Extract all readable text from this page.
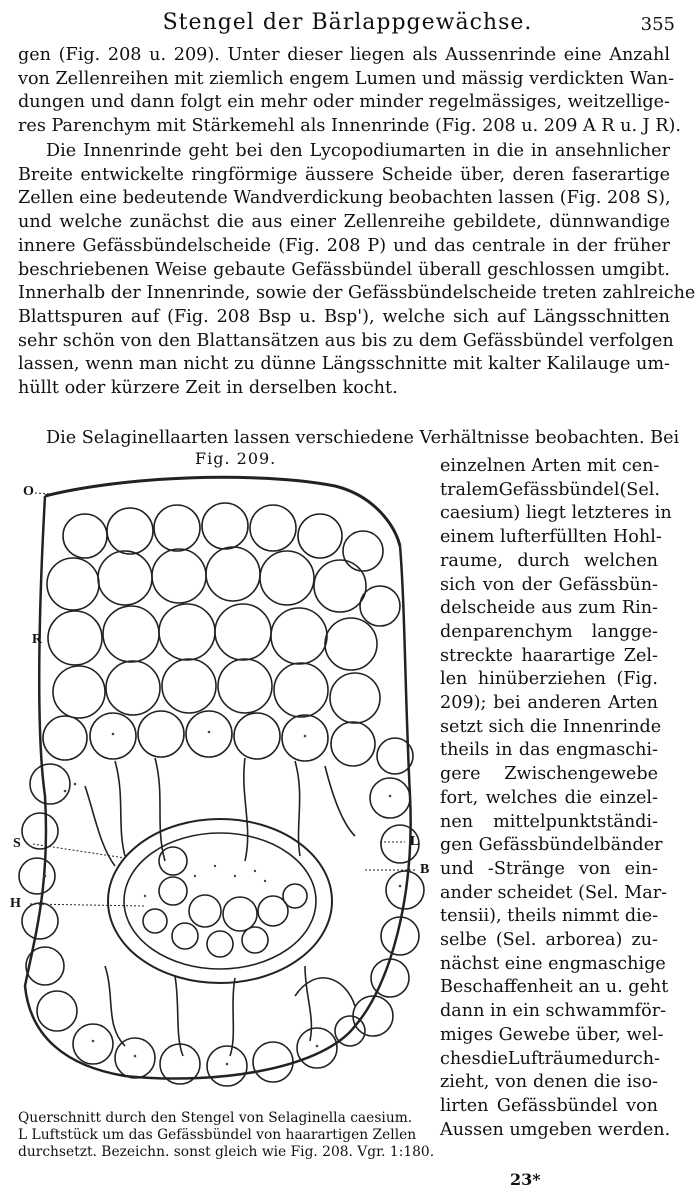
Stengel der Bärlappgewächse.	355
gen (Fig. 208 u. 209). Unter dieser liegen als Aussenrinde eine Anzahl
von Zellenreihen mit ziemlich engem Lumen und mässig verdickten Wan-
dungen und dann folgt ein mehr oder minder regelmässiges, weitzellige-
res Parenchym mit Stärkemehl als Innenrinde (Fig. 208 u. 209 A R u. J R).
Die Innenrinde geht bei den Lycopodiumarten in die in ansehnlicher
Breite entwickelte ringförmige äussere Scheide über, deren faserartige
Zellen eine bedeutende Wandverdickung beobachten lassen (Fig. 208 S),
und welche zunächst die aus einer Zellenreihe gebildete, dünnwandige
innere Gefässbündelscheide (Fig. 208 P) und das centrale in der früher
beschriebenen Weise gebaute Gefässbündel überall geschlossen umgibt.
Innerhalb der Innenrinde, sowie der Gefässbündelscheide treten zahlreiche
Blattspuren auf (Fig. 208 Bsp u. Bsp'), welche sich auf Längsschnitten
sehr schön von den Blattansätzen aus bis zu dem Gefässbündel verfolgen
lassen, wenn man nicht zu dünne Längsschnitte mit kalter Kalilauge um-
hüllt oder kürzere Zeit in derselben kocht.
Die Selaginellaarten lassen verschiedene Verhältnisse beobachten. Bei
Fig. 209.
O
R
L
S
B
H
einzelnen Arten mit cen-
tralemGefässbündel(Sel.
caesium) liegt letzteres in
einem lufterfüllten Hohl-
raume, durch welchen
sich von der Gefässbün-
delscheide aus zum Rin-
denparenchym langge-
streckte haarartige Zel-
len hinüberziehen (Fig.
209); bei anderen Arten
setzt sich die Innenrinde
theils in das engmaschi-
gere Zwischengewebe
fort, welches die einzel-
nen mittelpunktständi-
gen Gefässbündelbänder
und -Stränge von ein-
ander scheidet (Sel. Mar-
tensii), theils nimmt die-
selbe (Sel. arborea) zu-
nächst eine engmaschige
Beschaffenheit an u. geht
dann in ein schwammför-
miges Gewebe über, wel-
chesdieLufträumedurch-
zieht, von denen die iso-
lirten Gefässbündel von
Aussen umgeben werden.
Querschnitt durch den Stengel von Selaginella caesium.
L Luftstück um das Gefässbündel von haarartigen Zellen
durchsetzt. Bezeichn. sonst gleich wie Fig. 208. Vgr. 1:180.
23*
